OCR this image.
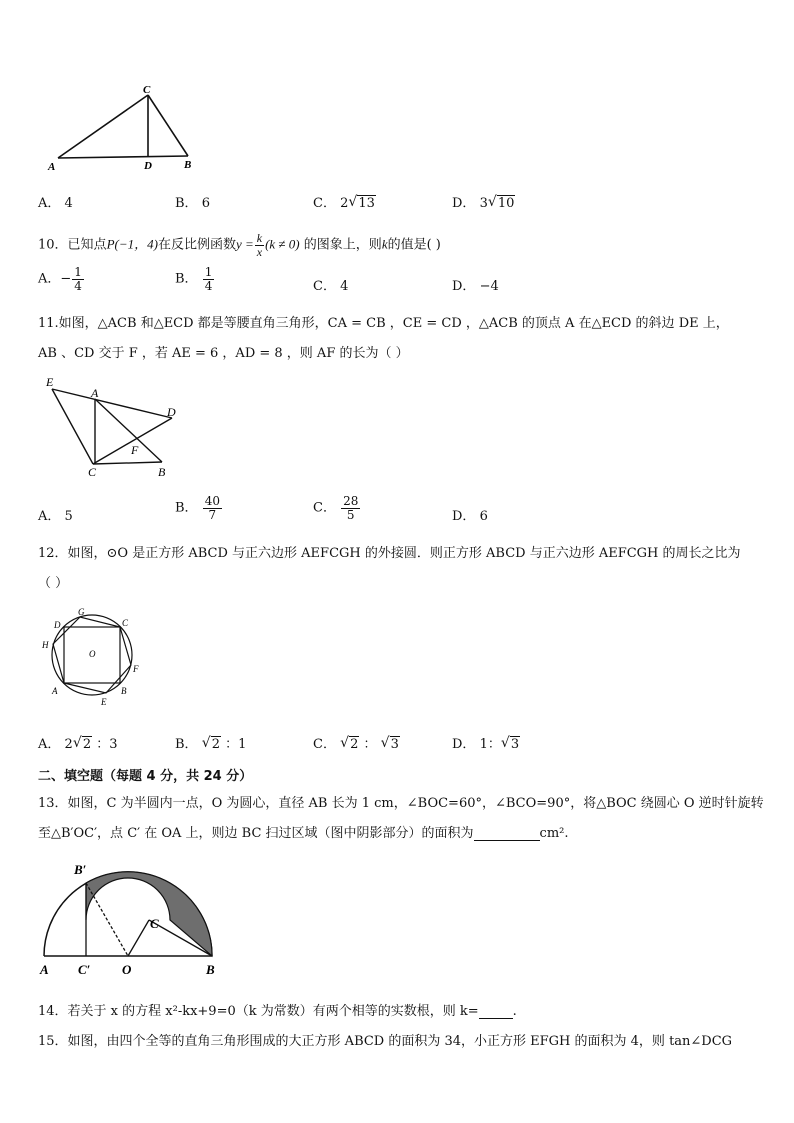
A	D	B
C
A． 4	B． 6	C． 2 √ 13	D． 3 √ 10
10．已知点P(−1，4)在反比例函数$y = \frac{k}{x} (k \ne 0)$ 的图象上，则k的值是( )
A．− $\frac{1}{4}$	B． $\frac{1}{4}$	C． 4	D． −4
11.如图，△ACB 和△ECD 都是等腰直角三角形，CA = CB ，CE = CD ，△ACB 的顶点 A 在△ECD 的斜边 DE 上，
AB 、CD 交于 F ，若 AE = 6 ，AD = 8 ，则 AF 的长为（ ）
E
A
D
F
C	B
A． 5
B． $\frac{40}{7}$	C． $\frac{28}{5}$	D． 6
12．如图，⊙O 是正方形 ABCD 与正六边形 AEFCGH 的外接圆．则正方形 ABCD 与正六边形 AEFCGH 的周长之比为
（ ）
G
D	C
H
O
F
A
E
B
A． 2 √ 2 ：3	B． √ 2 ：1	C． √ 2 ： √ 3	D． 1： √ 3
二、填空题（每题 4 分，共 24 分）
13．如图，C 为半圆内一点，O 为圆心，直径 AB 长为 1 cm，∠BOC=60°，∠BCO=90°，将△BOC 绕圆心 O 逆时针旋转
至△B′OC′，点 C′ 在 OA 上，则边 BC 扫过区域（图中阴影部分）的面积为	cm².
B′
C
A C′ O	B
14．若关于 x 的方程 x²-kx+9=0（k 为常数）有两个相等的实数根，则 k=	.
15．如图，由四个全等的直角三角形围成的大正方形 ABCD 的面积为 34，小正方形 EFGH 的面积为 4，则 tan∠DCG
